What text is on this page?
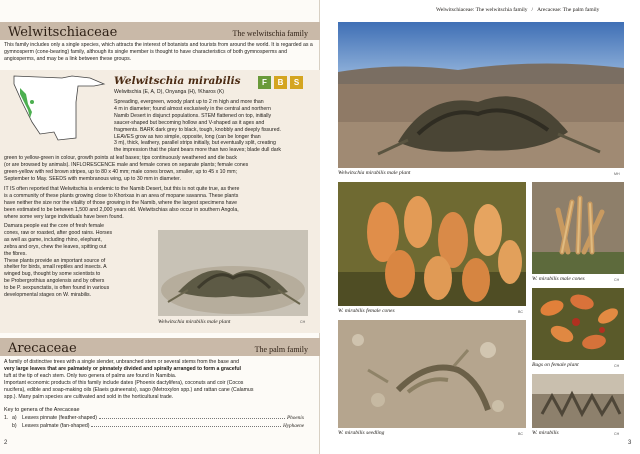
Welwitschiaceae	The welwitschia family
This family includes only a single species, which attracts the interest of botanists and tourists from around the world. It is regarded as a gymnosperm (cone-bearing) family, although its single member is thought to have characteristics of both gymnosperms and angiosperms, and may be a link between these groups.
Welwitschia mirabilis
Welwitschia (E, A, D), Onyanga (H), !Kharos (K)
F	B	S
Spreading, evergreen, woody plant up to 2 m high and more than
4 m in diameter; found almost exclusively in the central and northern
Namib Desert in disjunct populations. STEM flattened on top, initially
saucer-shaped but becoming hollow and V-shaped as it ages and
fragments. BARK dark grey to black, tough, knobbly and deeply fissured.
LEAVES grow as two simple, opposite, long (can be longer than
3 m), thick, leathery, parallel strips initially, but eventually split, creating
the impression that the plant bears more than two leaves; blade dull dark
green to yellow-green in colour, growth points at leaf bases; tips continuously weathered and die back
(or are browsed by animals). INFLORESCENCE male and female cones on separate plants; female cones
green-yellow with red brown stripes, up to 80 x 40 mm; male cones brown, smaller, up to 45 x 10 mm;
September to May. SEEDS with membranous wing, up to 30 mm in diameter.
IT IS often reported that Welwitschia is endemic to the Namib Desert, but this is not quite true, as there
is a community of these plants growing close to Khorixas in an area of mopane savanna. These plants
have neither the size nor the vitality of those growing in the Namib, where the largest specimens have
been estimated to be between 1,500 and 2,000 years old. Welwitschias also occur in southern Angola,
where some very large individuals have been found.
Damara people eat the core of fresh female
cones, raw or roasted, after good rains. Horses
as well as game, including rhino, elephant,
zebra and oryx, chew the leaves, spitting out
the fibres.
These plants provide an important source of
shelter for birds, small reptiles and insects. A
winged bug, thought by some scientists to
be Probergrothius angolensis and by others
to be P. sexpunctatis, is often found in various
developmental stages on W. mirabilis.
Welwitschia mirabilis male plant	CH
Arecaceae	The palm family
A family of distinctive trees with a single slender, unbranched stem or several stems from the base and
very large leaves that are palmately or pinnately divided and spirally arranged to form a graceful
tuft at the tip of each stem. Only two genera of palms are found in Namibia.
Important economic products of this family include dates (Phoenix dactylifera), coconuts and coir (Cocos
nucifera), edible and soap-making oils (Elaeis guineensis), sago (Metroxylon spp.) and rattan cane (Calamus
spp.). Many palm species are cultivated and sold in the horticultural trade.
Key to genera of the Arecaceae
1. a)	Leaves pinnate (feather-shaped)	Phoenix
b)	Leaves palmate (fan-shaped)	Hyphaene
2
Welwitschiaceae: The welwitschia family / Arecaceae: The palm family
Welwitschia mirabilis male plant	MH
W. mirabilis female cones	BC
W. mirabilis male cones	CH
Bugs on female plant	CH
W. mirabilis seedling	BC W. mirabilis	CH
3
